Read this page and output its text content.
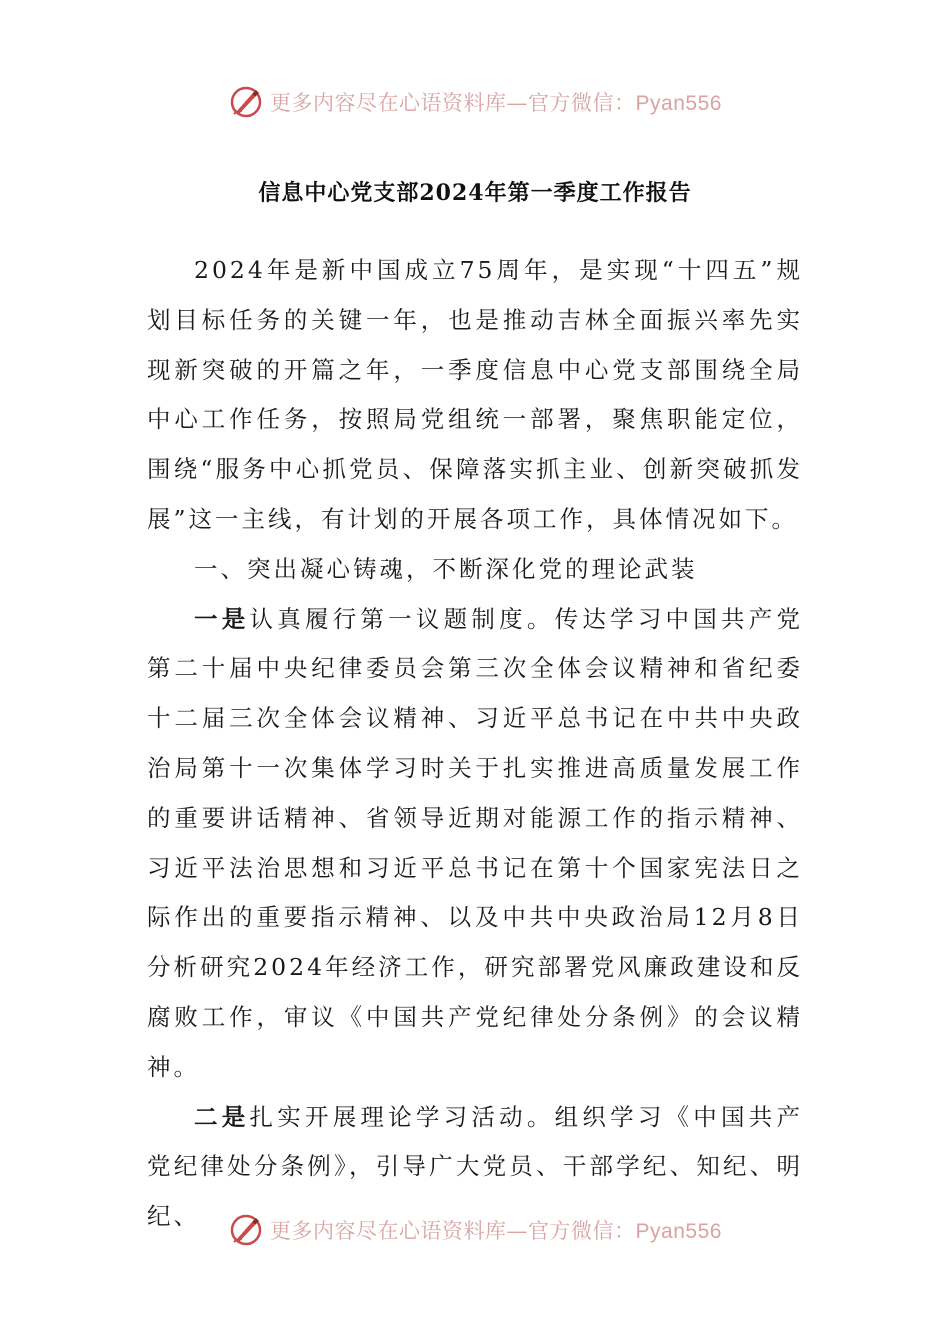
更多内容尽在心语资料库—官方微信：Pyan556
信息中心党支部2024年第一季度工作报告

2024年是新中国成立75周年，是实现“十四五”规划目标任务的关键一年，也是推动吉林全面振兴率先实现新突破的开篇之年，一季度信息中心党支部围绕全局中心工作任务，按照局党组统一部署，聚焦职能定位，围绕“服务中心抓党员、保障落实抓主业、创新突破抓发展”这一主线，有计划的开展各项工作，具体情况如下。

一、突出凝心铸魂，不断深化党的理论武装

一是认真履行第一议题制度。传达学习中国共产党第二十届中央纪律委员会第三次全体会议精神和省纪委十二届三次全体会议精神、习近平总书记在中共中央政治局第十一次集体学习时关于扎实推进高质量发展工作的重要讲话精神、省领导近期对能源工作的指示精神、习近平法治思想和习近平总书记在第十个国家宪法日之际作出的重要指示精神、以及中共中央政治局12月8日分析研究2024年经济工作，研究部署党风廉政建设和反腐败工作，审议《中国共产党纪律处分条例》的会议精神。

二是扎实开展理论学习活动。组织学习《中国共产党纪律处分条例》，引导广大党员、干部学纪、知纪、明纪、

更多内容尽在心语资料库—官方微信：Pyan556
